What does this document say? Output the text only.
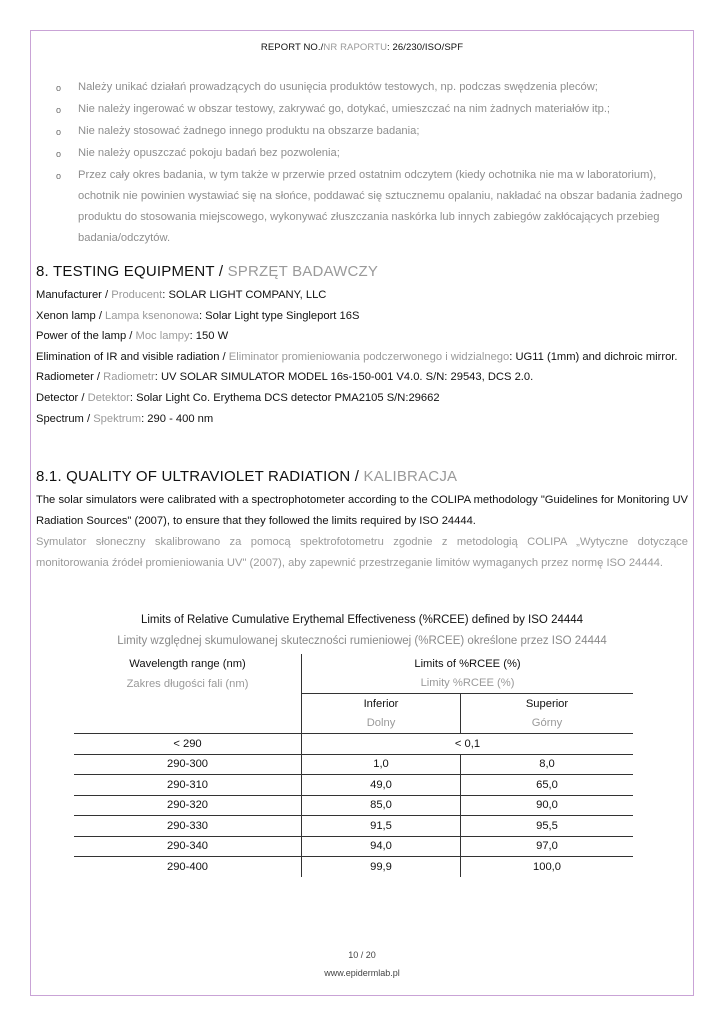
REPORT NO./NR RAPORTU: 26/230/ISO/SPF
o	Należy unikać działań prowadzących do usunięcia produktów testowych, np. podczas swędzenia pleców;
o	Nie należy ingerować w obszar testowy, zakrywać go, dotykać, umieszczać na nim żadnych materiałów itp.;
o	Nie należy stosować żadnego innego produktu na obszarze badania;
o	Nie należy opuszczać pokoju badań bez pozwolenia;
o	Przez cały okres badania, w tym także w przerwie przed ostatnim odczytem (kiedy ochotnika nie ma w laboratorium), ochotnik nie powinien wystawiać się na słońce, poddawać się sztucznemu opalaniu, nakładać na obszar badania żadnego produktu do stosowania miejscowego, wykonywać złuszczania naskórka lub innych zabiegów zakłócających przebieg badania/odczytów.
8. TESTING EQUIPMENT / SPRZĘT BADAWCZY
Manufacturer / Producent: SOLAR LIGHT COMPANY, LLC
Xenon lamp / Lampa ksenonowa: Solar Light type Singleport 16S
Power of the lamp / Moc lampy: 150 W
Elimination of IR and visible radiation / Eliminator promieniowania podczerwonego i widzialnego: UG11 (1mm) and dichroic mirror.
Radiometer / Radiometr: UV SOLAR SIMULATOR MODEL 16s-150-001 V4.0. S/N: 29543, DCS 2.0.
Detector / Detektor: Solar Light Co. Erythema DCS detector PMA2105 S/N:29662
Spectrum / Spektrum: 290 - 400 nm
8.1. QUALITY OF ULTRAVIOLET RADIATION / KALIBRACJA
The solar simulators were calibrated with a spectrophotometer according to the COLIPA methodology "Guidelines for Monitoring UV Radiation Sources" (2007), to ensure that they followed the limits required by ISO 24444.
Symulator słoneczny skalibrowano za pomocą spektrofotometru zgodnie z metodologią COLIPA „Wytyczne dotyczące monitorowania źródeł promieniowania UV" (2007), aby zapewnić przestrzeganie limitów wymaganych przez normę ISO 24444.
Limits of Relative Cumulative Erythemal Effectiveness (%RCEE) defined by ISO 24444
Limity względnej skumulowanej skuteczności rumieniowej (%RCEE) określone przez ISO 24444
Wavelength range (nm)	Limits of %RCEE (%)	
Zakres długości fali (nm)	Limity %RCEE (%)	
	Inferior	Superior
	Dolny	Górny
< 290	< 0,1	
290-300	1,0	8,0
290-310	49,0	65,0
290-320	85,0	90,0
290-330	91,5	95,5
290-340	94,0	97,0
290-400	99,9	100,0
10 / 20
www.epidermlab.pl
